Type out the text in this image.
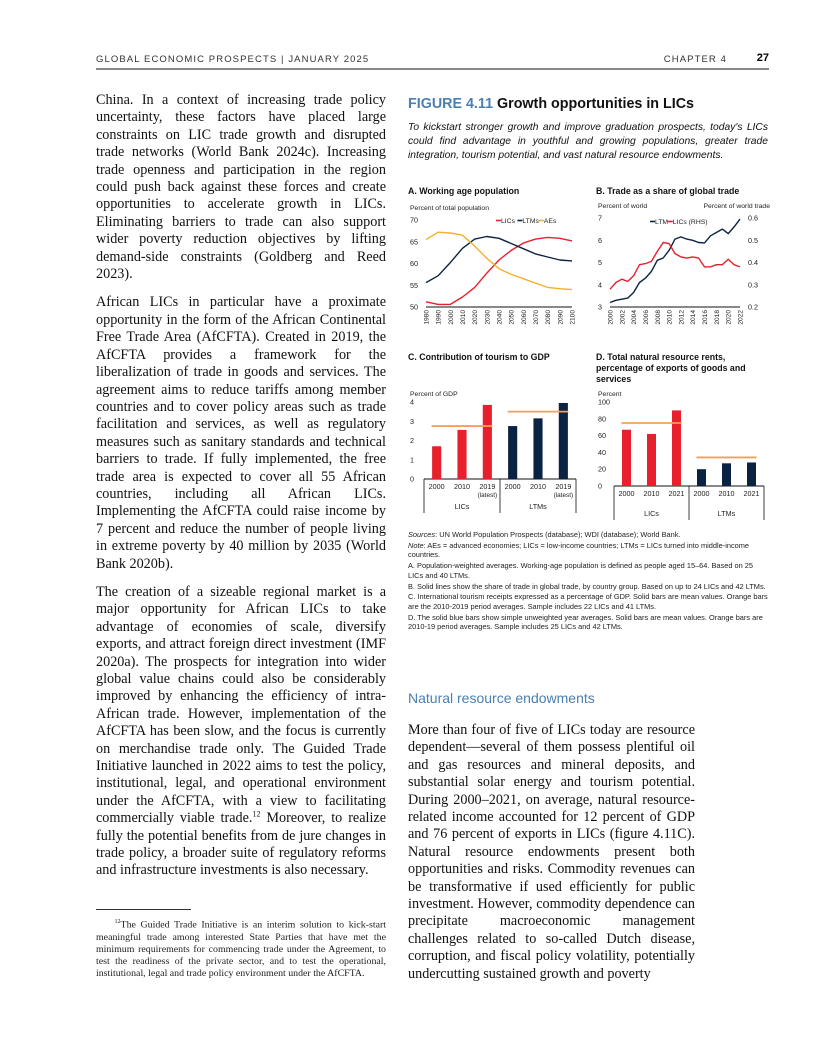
GLOBAL ECONOMIC PROSPECTS | JANUARY 2025	CHAPTER 4	27

China. In a context of increasing trade policy uncertainty, these factors have placed large constraints on LIC trade growth and disrupted trade networks (World Bank 2024c). Increasing trade openness and participation in the region could push back against these forces and create opportunities to accelerate growth in LICs. Eliminating barriers to trade can also support wider poverty reduction objectives by lifting demand-side constraints (Goldberg and Reed 2023).

African LICs in particular have a proximate opportunity in the form of the African Continental Free Trade Area (AfCFTA). Created in 2019, the AfCFTA provides a framework for the liberalization of trade in goods and services. The agreement aims to reduce tariffs among member countries and to cover policy areas such as trade facilitation and services, as well as regulatory measures such as sanitary standards and technical barriers to trade. If fully implemented, the free trade area is expected to cover all 55 African countries, including all African LICs. Implementing the AfCFTA could raise income by 7 percent and reduce the number of people living in extreme poverty by 40 million by 2035 (World Bank 2020b).

The creation of a sizeable regional market is a major opportunity for African LICs to take advantage of economies of scale, diversify exports, and attract foreign direct investment (IMF 2020a). The prospects for integration into wider global value chains could also be considerably improved by enhancing the efficiency of intra-African trade. However, implementation of the AfCFTA has been slow, and the focus is currently on merchandise trade only. The Guided Trade Initiative launched in 2022 aims to test the policy, institutional, legal, and operational environment under the AfCFTA, with a view to facilitating commercially viable trade.$^{12}$ Moreover, to realize fully the potential benefits from de jure changes in trade policy, a broader suite of regulatory reforms and infrastructure investments is also necessary.

$^{12}$The Guided Trade Initiative is an interim solution to kick-start meaningful trade among interested State Parties that have met the minimum requirements for commencing trade under the Agreement, to test the readiness of the private sector, and to test the operational, institutional, legal and trade policy environment under the AfCFTA.
FIGURE 4.11 Growth opportunities in LICs
To kickstart stronger growth and improve graduation prospects, today's LICs could find advantage in youthful and growing populations, greater trade integration, tourism potential, and vast natural resource endowments.
A. Working age population
Percent of total population
50
55
60
65
70
1980 1990 2000 2010 2020 2030 2040 2050 2060 2070 2080 2090 2100
LICs LTMs AEs
B. Trade as a share of global trade
Percent of world
3
4
5
6
7
Percent of world trade
0.2
0.3
0.4
0.5
0.6
2000 2002 2004 2006 2008 2010 2012 2014 2016 2018 2020 2022
LTM LICs (RHS)
C. Contribution of tourism to GDP
Percent of GDP
0
1
2
3
4
2000 2010 2019
(latest)
LICs
2000 2010 2019
(latest)
LTMs
D. Total natural resource rents, percentage of exports of goods and services
Percent
0
20
40
60
80
100
2000 2010 2021
LICs
2000 2010 2021
LTMs
Sources: UN World Population Prospects (database); WDI (database); World Bank.
Note: AEs = advanced economies; LICs = low-income countries; LTMs = LICs turned into middle-income countries.
A. Population-weighted averages. Working-age population is defined as people aged 15–64. Based on 25 LICs and 40 LTMs.
B. Solid lines show the share of trade in global trade, by country group. Based on up to 24 LICs and 42 LTMs.
C. International tourism receipts expressed as a percentage of GDP. Solid bars are mean values. Orange bars are the 2010-2019 period averages. Sample includes 22 LICs and 41 LTMs.
D. The solid blue bars show simple unweighted year averages. Solid bars are mean values. Orange bars are 2010-19 period averages. Sample includes 25 LICs and 42 LTMs.
Natural resource endowments

More than four of five of LICs today are resource dependent—several of them possess plentiful oil and gas resources and mineral deposits, and substantial solar energy and tourism potential. During 2000–2021, on average, natural resource-related income accounted for 12 percent of GDP and 76 percent of exports in LICs (figure 4.11C). Natural resource endowments present both opportunities and risks. Commodity revenues can be transformative if used efficiently for public investment. However, commodity dependence can precipitate macroeconomic management challenges related to so-called Dutch disease, corruption, and fiscal policy volatility, potentially undercutting sustained growth and poverty
